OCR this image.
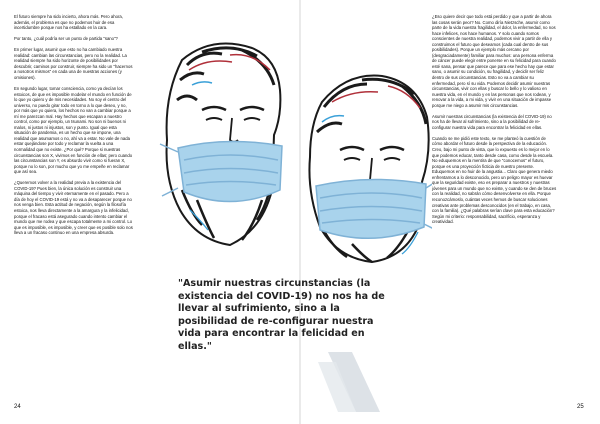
El futuro siempre ha sido incierto, ahora más. Pero ahora, además, el problema es que no podemos huir de esa incertidumbre porque nos ha estallado en la cara.

Por tanto, ¿cuál podría ser un punto de partida "sano"?

En primer lugar, asumir que esto no ha cambiado nuestra realidad: cambian las circunstancias, pero no la realidad. La realidad siempre ha sido horizonte de posibilidades por descubrir, caminos por construir, siempre ha sido un "hacernos a nosotros mismos" en cada una de nuestras acciones (y omisiones).

En segundo lugar, tomar consciencia, como ya decían los estoicos, de que es imposible modelar el mundo en función de lo que yo quiero y de mis necesidades. No soy el centro del universo, no puedo girar todo en torno a lo que deseo, y no, por más que yo quiera, los hechos no van a cambiar porque a mí me parezcan mal. Hay hechos que escapan a nuestro control, como por ejemplo, un tsunami. No son ni buenos ni malos, ni justos ni injustos, son y punto. Igual que esta situación de pandemia, es un hecho que se impone, una realidad que asumamos o no, ahí va a estar. No vale de nada estar quejándose por todo y reclamar la vuelta a una normalidad que no existe. ¿Por qué? Porque si nuestras circunstancias son X, vivimos en función de ellas; pero cuando las circunstancias son Y, es absurdo vivir como si fueran X, porque no lo son, por mucho que yo me empeñe en reclamar que así sea.

¿Queremos volver a la realidad previa a la existencia del COVID-19? Pues bien, la única solución es construir una máquina del tiempo y vivir eternamente en el pasado. Pero a día de hoy el COVID-19 está y no va a desaparecer porque no nos venga bien. Esta actitud de negación, según la filosofía estoica, nos lleva directamente a la amargura y la infelicidad, porque el fracaso está asegurado cuando intento cambiar el mundo que me rodea y que escapa totalmente a mi control. Lo que es imposible, es imposible, y creer que es posible solo nos lleva a un fracaso continuo en una empresa absurda.

"Asumir nuestras circunstancias (la existencia del COVID-19) no nos ha de llevar al sufrimiento, sino a la posibilidad de re-configurar nuestra vida para encontrar la felicidad en ellas."

¿Eso quiere decir que todo está perdido y que a partir de ahora las cosas serán peor? No. Como diría Nietzsche, asumir como parte de la vida nuestra fragilidad, el dolor, la enfermedad, no nos hace infelices, nos hace humanos. Y solo cuando somos conscientes de nuestra realidad, podemos vivir a partir de ella y construimos el futuro que deseamos (cada cual dentro de sus posibilidades). Porque un ejemplo más cercano por (desgraciadamente) familiar para muchos: una persona enferma de cáncer puede elegir entre ponerse en su felicidad para cuando esté sana, pensar que parece que para ese hecho hay que estar sano, o asumir su condición, su fragilidad, y decidir ser feliz dentro de sus circunstancias. Esto no va a cambiar su enfermedad, pero sí su vida. Podemos decidir asumir nuestras circunstancias, vivir con ellas y buscar lo bello y lo valioso en nuestra vida, en el mundo y en las personas que nos rodean, y renovar a la vida, a mi vida, y vivir en una situación de impasse porque me niego a asumir mis circunstancias.

Asumir nuestras circunstancias (la existencia del COVID-19) no nos ha de llevar al sufrimiento, sino a la posibilidad de re-configurar nuestra vida para encontrar la felicidad en ellas.

Cuando se me pidió este texto, se me planteó la cuestión de cómo abordar el futuro desde la perspectiva de la educación. Creo, bajo mi punto de vista, que lo expuesto es lo mejor en lo que podemos educar, tanto desde casa, como desde la escuela. No eduquemos en la mentira de que "conocemos" el futuro, porque es una proyección ficticia de nuestro presente. Eduquemos en no huir de la angustia... Claro que genera miedo enfrentarnos a lo desconocido, pero un peligro mayor es huevar que la seguridad existe, eso es preparar a nuestros y nuestras jóvenes para un mundo que no existe, y cuando se den de bruces con la realidad, no sabrán cómo desenvolverse en ella. Porque reconozcámoslo, cuántas veces hemos de buscar soluciones creativas ante problemas desconocidos (en el trabajo, en casa, con la familia). ¿Qué palabras serían clave para esta educación? Según mi criterio: responsabilidad, sacrificio, esperanza y creatividad.

24	25
